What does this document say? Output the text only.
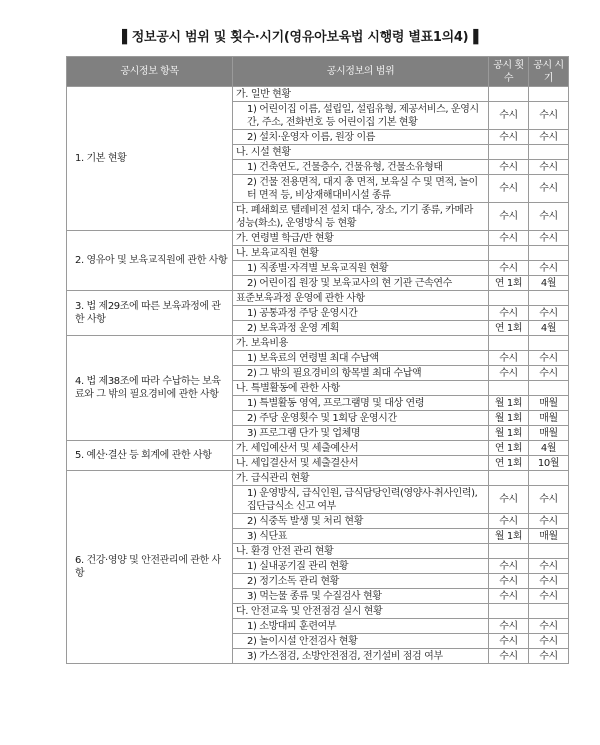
▌정보공시 범위 및 횟수·시기(영유아보육법 시행령 별표1의4)▐
공시정보 항목	공시정보의 범위	공시 횟수	공시 시기
1. 기본 현황	가. 일반 현황		
	1) 어린이집 이름, 설립일, 설립유형, 제공서비스, 운영시간, 주소, 전화번호 등 어린이집 기본 현황	수시	수시
	2) 설치·운영자 이름, 원장 이름	수시	수시
	나. 시설 현황		
	1) 건축연도, 건물층수, 건물유형, 건물소유형태	수시	수시
	2) 건물 전용면적, 대지 총 면적, 보육실 수 및 면적, 놀이터 면적 등, 비상재해대비시설 종류	수시	수시
	다. 폐쇄회로 텔레비전 설치 대수, 장소, 기기 종류, 카메라 성능(화소), 운영방식 등 현황	수시	수시
2. 영유아 및 보육교직원에 관한 사항	가. 연령별 학급/반 현황	수시	수시
	나. 보육교직원 현황		
	1) 직종별·자격별 보육교직원 현황	수시	수시
	2) 어린이집 원장 및 보육교사의 현 기관 근속연수	연 1회	4월
3. 법 제29조에 따른 보육과정에 관한 사항	표준보육과정 운영에 관한 사항		
	1) 공통과정 주당 운영시간	수시	수시
	2) 보육과정 운영 계획	연 1회	4월
4. 법 제38조에 따라 수납하는 보육료와 그 밖의 필요경비에 관한 사항	가. 보육비용		
	1) 보육료의 연령별 최대 수납액	수시	수시
	2) 그 밖의 필요경비의 항목별 최대 수납액	수시	수시
	나. 특별활동에 관한 사항		
	1) 특별활동 영역, 프로그램명 및 대상 연령	월 1회	매월
	2) 주당 운영횟수 및 1회당 운영시간	월 1회	매월
	3) 프로그램 단가 및 업체명	월 1회	매월
5. 예산·결산 등 회계에 관한 사항	가. 세입예산서 및 세출예산서	연 1회	4월
	나. 세입결산서 및 세출결산서	연 1회	10월
6. 건강·영양 및 안전관리에 관한 사항	가. 급식관리 현황		
	1) 운영방식, 급식인원, 급식담당인력(영양사·취사인력), 집단급식소 신고 여부	수시	수시
	2) 식중독 발생 및 처리 현황	수시	수시
	3) 식단표	월 1회	매월
	나. 환경 안전 관리 현황		
	1) 실내공기질 관리 현황	수시	수시
	2) 정기소독 관리 현황	수시	수시
	3) 먹는물 종류 및 수질검사 현황	수시	수시
	다. 안전교육 및 안전점검 실시 현황		
	1) 소방대피 훈련여부	수시	수시
	2) 놀이시설 안전검사 현황	수시	수시
	3) 가스점검, 소방안전점검, 전기설비 점검 여부	수시	수시
